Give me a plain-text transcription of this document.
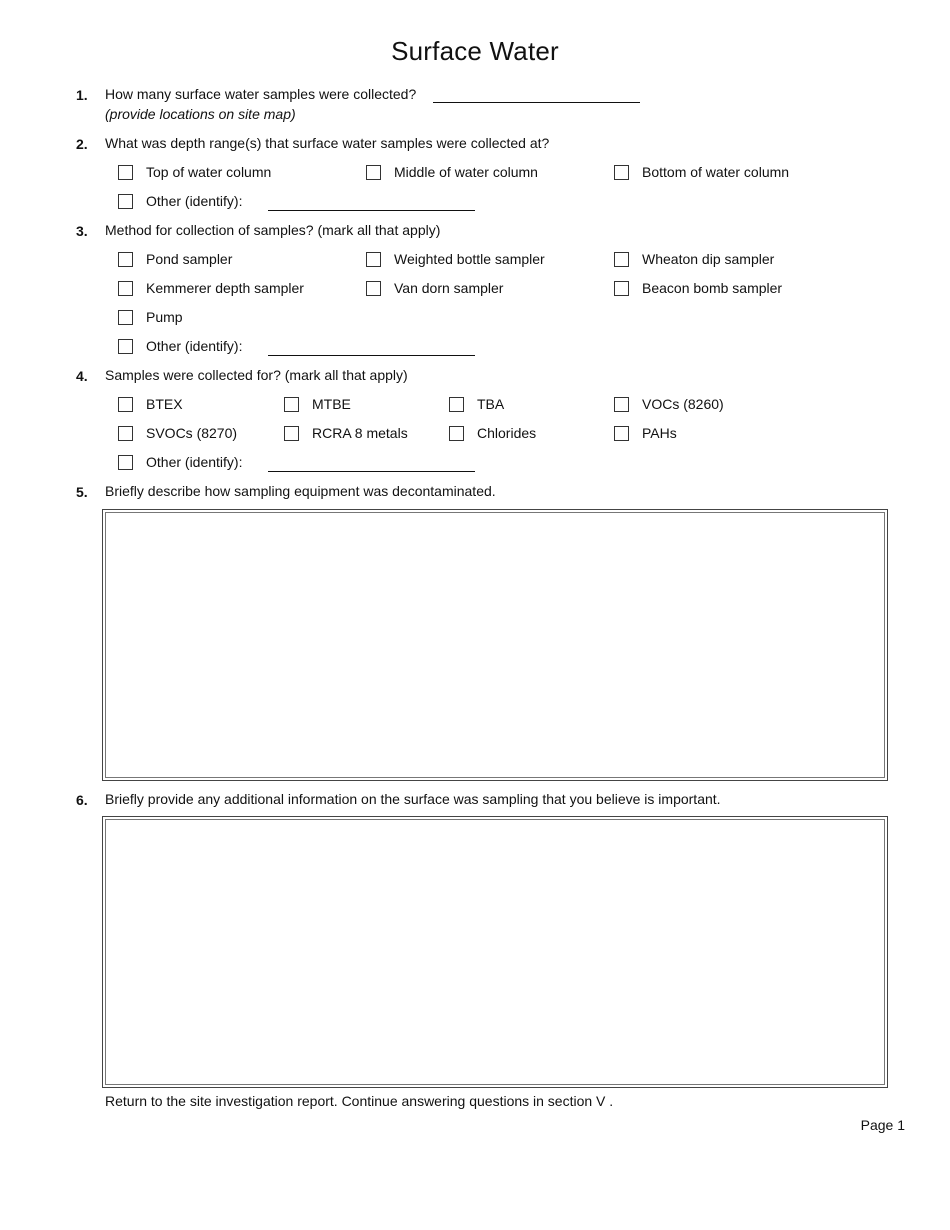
Surface Water
1. How many surface water samples were collected?
(provide locations on site map)
2. What was depth range(s) that surface water samples were collected at?
Top of water column	Middle of water column	Bottom of water column
Other (identify):
3. Method for collection of samples? (mark all that apply)
Pond sampler	Weighted bottle sampler	Wheaton dip sampler
Kemmerer depth sampler	Van dorn sampler	Beacon bomb sampler
Pump
Other (identify):
4. Samples were collected for? (mark all that apply)
BTEX	MTBE	TBA	VOCs (8260)
SVOCs (8270)	RCRA 8 metals	Chlorides	PAHs
Other (identify):
5. Briefly describe how sampling equipment was decontaminated.
6. Briefly provide any additional information on the surface was sampling that you believe is important.
Return to the site investigation report. Continue answering questions in section V .
Page 1
